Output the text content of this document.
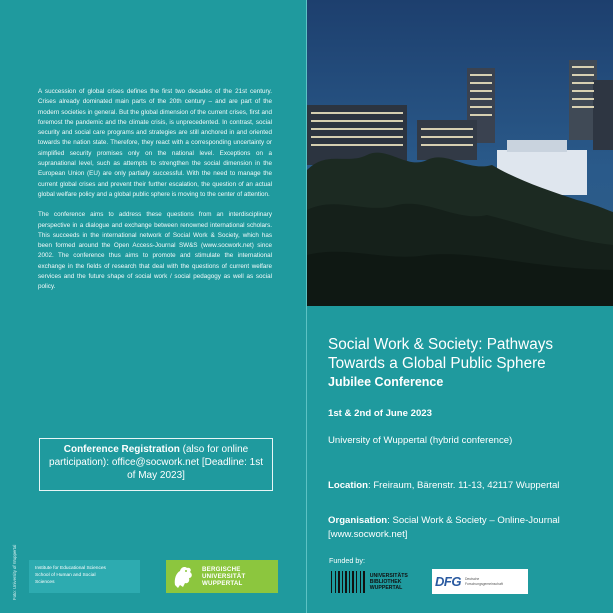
A succession of global crises defines the first two decades of the 21st century. Crises already dominated main parts of the 20th century – and are part of the modern societies in general. But the global dimension of the current crises, first and foremost the pandemic and the climate crisis, is unprecedented. In contrast, social security and social care programs and strategies are still anchored in and oriented towards the nation state. Therefore, they react with a corresponding uncertainty or simplified security promises only on the national level. Exceptions on a supranational level, such as attempts to strengthen the social dimension in the European Union (EU) are only partially successful. With the need to manage the current global crises and prevent their further escalation, the question of an actual global welfare policy and a global public sphere is moving to the center of attention.

The conference aims to address these questions from an interdisciplinary perspective in a dialogue and exchange between renowned international scholars. This succeeds in the international network of Social Work & Society, which has been formed around the Open Access-Journal SW&S (www.socwork.net) since 2002. The conference thus aims to promote and stimulate the international exchange in the fields of research that deal with the questions of current welfare services and the future shape of social work / social pedagogy as well as social policy.

Conference Registration (also for online participation): office@socwork.net [Deadline: 1st of May 2023]
Foto: University of Wuppertal	Institute for Educational Sciences
School of Human and Social
Sciences
BERGISCHE
UNIVERSITÄT
WUPPERTAL
Social Work & Society: Pathways Towards a Global Public Sphere
Jubilee Conference
1st & 2nd of June 2023
University of Wuppertal (hybrid conference)
Location: Freiraum, Bärenstr. 11-13, 42117 Wuppertal
Organisation: Social Work & Society – Online-Journal [www.socwork.net]
Funded by:
UNIVERSITÄTS
BIBLIOTHEK
WUPPERTAL	DFG Deutsche
Forschungsgemeinschaft
